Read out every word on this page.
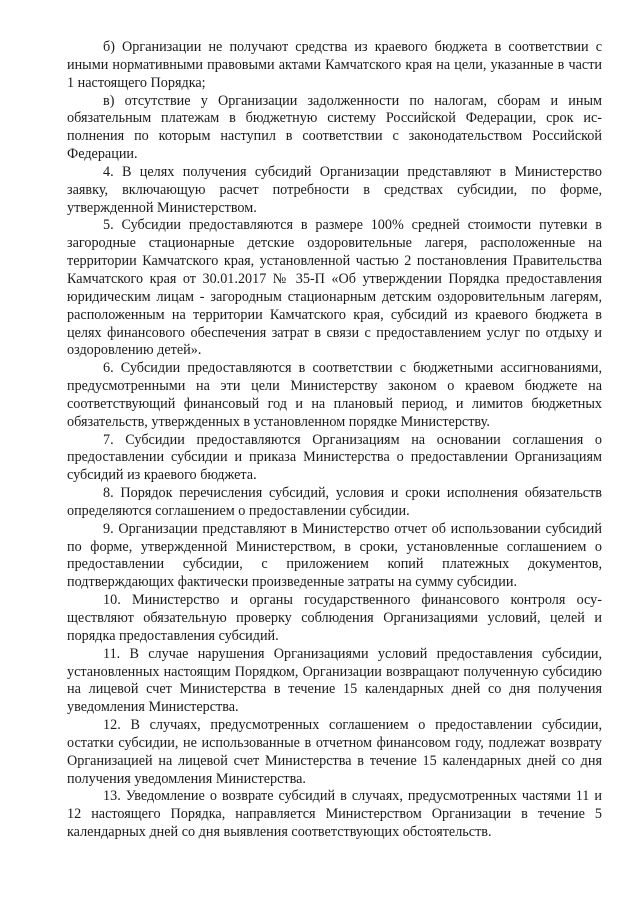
б) Организации не получают средства из краевого бюджета в соответствии с иными нормативными правовыми актами Камчатского края на цели, указанные в части 1 настоящего Порядка;

в) отсутствие у Организации задолженности по налогам, сборам и иным обязательным платежам в бюджетную систему Российской Федерации, срок исполнения по которым наступил в соответствии с законодательством Российской Федерации.

4. В целях получения субсидий Организации представляют в Министерство заявку, включающую расчет потребности в средствах субсидии, по форме, утвержденной Министерством.

5. Субсидии предоставляются в размере 100% средней стоимости путевки в загородные стационарные детские оздоровительные лагеря, расположенные на территории Камчатского края, установленной частью 2 постановления Правительства Камчатского края от 30.01.2017 № 35-П «Об утверждении Порядка предоставления юридическим лицам - загородным стационарным детским оздоровительным лагерям, расположенным на территории Камчатского края, субсидий из краевого бюджета в целях финансового обеспечения затрат в связи с предоставлением услуг по отдыху и оздоровлению детей».

6. Субсидии предоставляются в соответствии с бюджетными ассигнованиями, предусмотренными на эти цели Министерству законом о краевом бюджете на соответствующий финансовый год и на плановый период, и лимитов бюджетных обязательств, утвержденных в установленном порядке Министерству.

7. Субсидии предоставляются Организациям на основании соглашения о предоставлении субсидии и приказа Министерства о предоставлении Организациям субсидий из краевого бюджета.

8. Порядок перечисления субсидий, условия и сроки исполнения обязательств определяются соглашением о предоставлении субсидии.

9. Организации представляют в Министерство отчет об использовании субсидий по форме, утвержденной Министерством, в сроки, установленные соглашением о предоставлении субсидии, с приложением копий платежных документов, подтверждающих фактически произведенные затраты на сумму субсидии.

10. Министерство и органы государственного финансового контроля осуществляют обязательную проверку соблюдения Организациями условий, целей и порядка предоставления субсидий.

11. В случае нарушения Организациями условий предоставления субсидии, установленных настоящим Порядком, Организации возвращают полученную субсидию на лицевой счет Министерства в течение 15 календарных дней со дня получения уведомления Министерства.

12. В случаях, предусмотренных соглашением о предоставлении субсидии, остатки субсидии, не использованные в отчетном финансовом году, подлежат возврату Организацией на лицевой счет Министерства в течение 15 календарных дней со дня получения уведомления Министерства.

13. Уведомление о возврате субсидий в случаях, предусмотренных частями 11 и 12 настоящего Порядка, направляется Министерством Организации в течение 5 календарных дней со дня выявления соответствующих обстоятельств.
